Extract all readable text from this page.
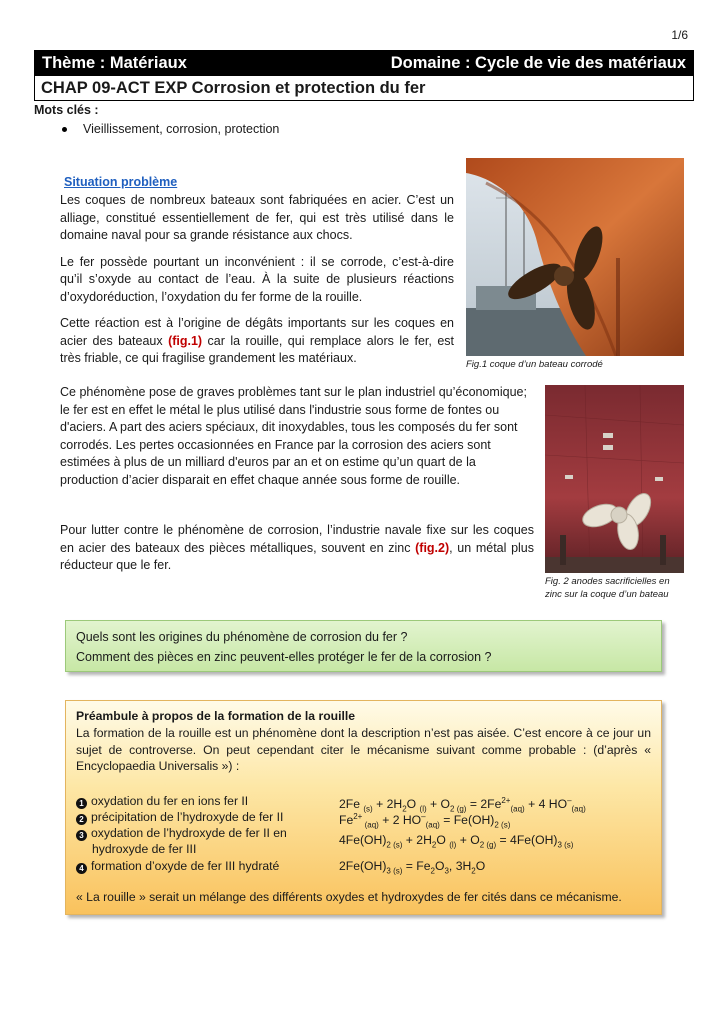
1/6
Thème : Matériaux	Domaine : Cycle de vie des matériaux
CHAP 09-ACT EXP Corrosion et protection du fer
Mots clés :
Vieillissement, corrosion, protection
Situation problème

Les coques de nombreux bateaux sont fabriquées en acier. C’est un alliage, constitué essentiellement de fer, qui est très utilisé dans le domaine naval pour sa grande résistance aux chocs.

Le fer possède pourtant un inconvénient : il se corrode, c’est-à-dire qu’il s’oxyde au contact de l’eau. À la suite de plusieurs réactions d’oxydoréduction, l’oxydation du fer forme de la rouille.

Cette réaction est à l’origine de dégâts importants sur les coques en acier des bateaux (fig.1) car la rouille, qui remplace alors le fer, est très friable, ce qui fragilise grandement les matériaux.	Fig.1 coque d’un bateau corrodé

Ce phénomène pose de graves problèmes tant sur le plan industriel qu’économique; le fer est en effet le métal le plus utilisé dans l'industrie sous forme de fontes ou d'aciers. A part des aciers spéciaux, dit inoxydables, tous les composés du fer sont corrodés. Les pertes occasionnées en France par la corrosion des aciers sont estimées à plus de un milliard d'euros par an et on estime qu’un quart de la production d’acier disparait en effet chaque année sous forme de rouille.

Pour lutter contre le phénomène de corrosion, l’industrie navale fixe sur les coques en acier des bateaux des pièces métalliques, souvent en zinc (fig.2), un métal plus réducteur que le fer.

Fig. 2 anodes sacrificielles en zinc sur la coque d’un bateau
Quels sont les origines du phénomène de corrosion du fer ?
Comment des pièces en zinc peuvent-elles protéger le fer de la corrosion ?
Préambule à propos de la formation de la rouille
La formation de la rouille est un phénomène dont la description n’est pas aisée. C’est encore à ce jour un sujet de controverse. On peut cependant citer le mécanisme suivant comme probable : (d’après « Encyclopaedia Universalis ») :
1 oxydation du fer en ions fer II
2 précipitation de l’hydroxyde de fer II
3 oxydation de l’hydroxyde de fer II en
hydroxyde de fer III
4 formation d’oxyde de fer III hydraté
2Fe $_{(s)} + 2H_2O$ $_{(l)} + O_{2 (g)} = 2Fe^{2+}_{(aq)} + 4$ $HO^-_{(aq)}$
$Fe^{2+}$ $_{(aq)}$ + 2 $HO^-_{(aq)} = Fe(OH)_{2 (s)}$
$4Fe(OH)_{2 (s)} + 2H_2O$ $_{(l)} + O_{2 (g)} = 4Fe(OH)_{3 (s)}$
$2Fe(OH)_{3 (s)} = Fe_2O_3$, $3H_2O$
« La rouille » serait un mélange des différents oxydes et hydroxydes de fer cités dans ce mécanisme.
